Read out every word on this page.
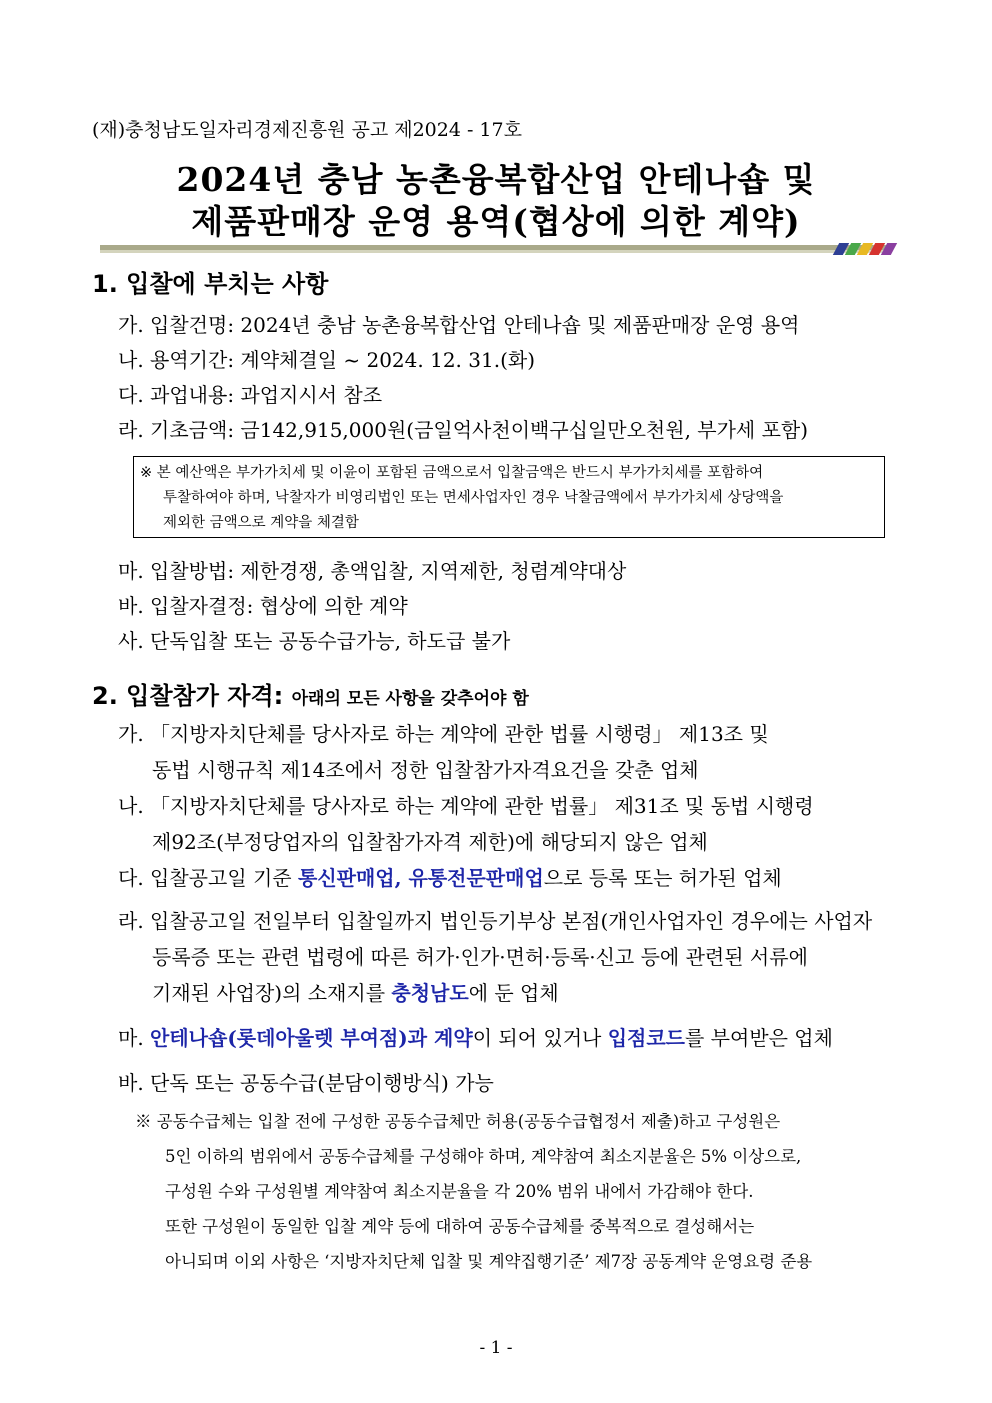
(재)충청남도일자리경제진흥원 공고 제2024 - 17호
2024년 충남 농촌융복합산업 안테나숍 및
제품판매장 운영 용역(협상에 의한 계약)
1. 입찰에 부치는 사항
가. 입찰건명: 2024년 충남 농촌융복합산업 안테나숍 및 제품판매장 운영 용역
나. 용역기간: 계약체결일 ~ 2024. 12. 31.(화)
다. 과업내용: 과업지시서 참조
라. 기초금액: 금142,915,000원(금일억사천이백구십일만오천원, 부가세 포함)
※ 본 예산액은 부가가치세 및 이윤이 포함된 금액으로서 입찰금액은 반드시 부가가치세를 포함하여
투찰하여야 하며, 낙찰자가 비영리법인 또는 면세사업자인 경우 낙찰금액에서 부가가치세 상당액을
제외한 금액으로 계약을 체결함
마. 입찰방법: 제한경쟁, 총액입찰, 지역제한, 청렴계약대상
바. 입찰자결정: 협상에 의한 계약
사. 단독입찰 또는 공동수급가능, 하도급 불가
2. 입찰참가 자격: 아래의 모든 사항을 갖추어야 함
가. 「지방자치단체를 당사자로 하는 계약에 관한 법률 시행령」 제13조 및
동법 시행규칙 제14조에서 정한 입찰참가자격요건을 갖춘 업체
나. 「지방자치단체를 당사자로 하는 계약에 관한 법률」 제31조 및 동법 시행령
제92조(부정당업자의 입찰참가자격 제한)에 해당되지 않은 업체
다. 입찰공고일 기준 통신판매업, 유통전문판매업으로 등록 또는 허가된 업체
라. 입찰공고일 전일부터 입찰일까지 법인등기부상 본점(개인사업자인 경우에는 사업자
등록증 또는 관련 법령에 따른 허가·인가·면허·등록·신고 등에 관련된 서류에
기재된 사업장)의 소재지를 충청남도에 둔 업체
마. 안테나숍(롯데아울렛 부여점)과 계약이 되어 있거나 입점코드를 부여받은 업체
바. 단독 또는 공동수급(분담이행방식) 가능
※ 공동수급체는 입찰 전에 구성한 공동수급체만 허용(공동수급협정서 제출)하고 구성원은
5인 이하의 범위에서 공동수급체를 구성해야 하며, 계약참여 최소지분율은 5% 이상으로,
구성원 수와 구성원별 계약참여 최소지분율을 각 20% 범위 내에서 가감해야 한다.
또한 구성원이 동일한 입찰 계약 등에 대하여 공동수급체를 중복적으로 결성해서는
아니되며 이외 사항은 ‘지방자치단체 입찰 및 계약집행기준’ 제7장 공동계약 운영요령 준용
- 1 -
